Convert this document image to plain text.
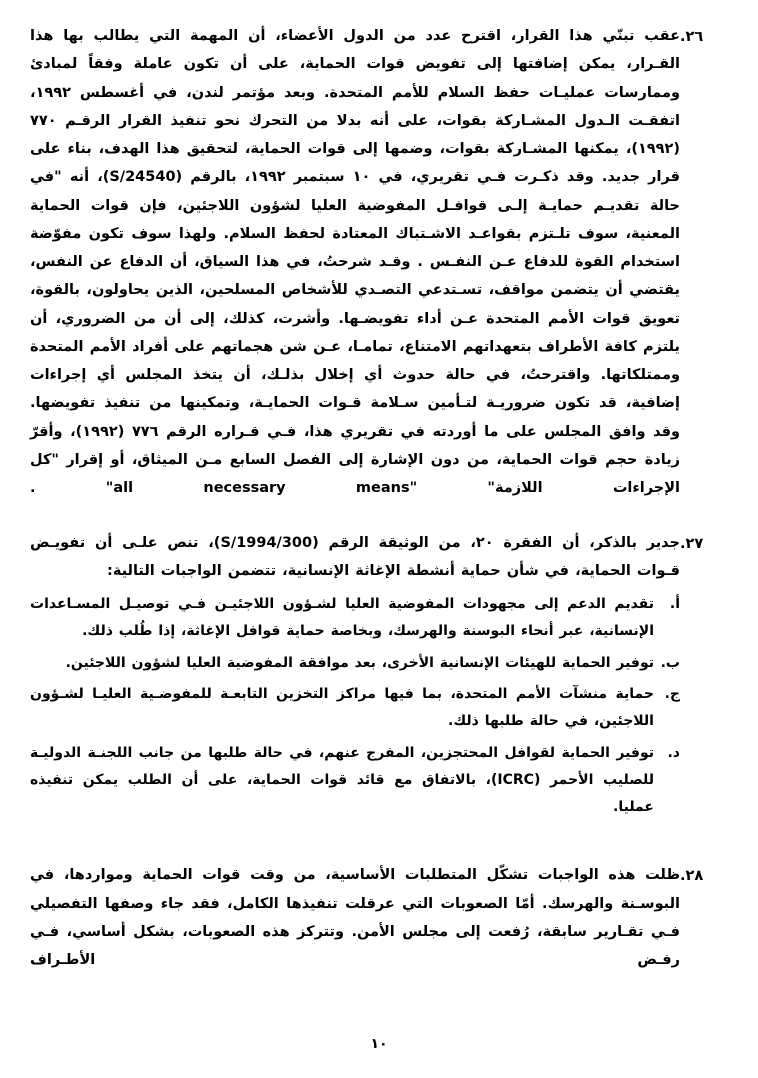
٢٦.
عقب تبنّي هذا القرار، اقترح عدد من الدول الأعضاء، أن المهمة التي يطالب بها هذا القـرار، يمكن إضافتها إلى تفويض قوات الحماية، على أن تكون عاملة وفقاً لمبادئ وممارسات عمليـات حفظ السلام للأمم المتحدة. وبعد مؤتمر لندن، في أغسطس ١٩٩٢، اتفقـت الـدول المشـاركة بقوات، على أنه بدلا من التحرك نحو تنفيذ القرار الرقـم ٧٧٠ (١٩٩٢)، يمكنها المشـاركة بقوات، وضمها إلى قوات الحماية، لتحقيق هذا الهدف، بناء على قرار جديد. وقد ذكـرت فـي تقريري، في ١٠ سبتمبر ١٩٩٢، بالرقم (S/24540)، أنه "في حالة تقديـم حمايـة إلـى قوافـل المفوضية العليا لشؤون اللاجئين، فإن قوات الحماية المعنية، سوف تلـتزم بقواعـد الاشـتباك المعتادة لحفظ السلام. ولهذا سوف تكون مفوّضة استخدام القوة للدفاع عـن النفـس . وقـد شرحتُ، في هذا السياق، أن الدفاع عن النفس، يقتضي أن يتضمن مواقف، تسـتدعي التصـدي للأشخاص المسلحين، الذين يحاولون، بالقوة، تعويق قوات الأمم المتحدة عـن أداء تفويضـها. وأشرت، كذلك، إلى أن من الضروري، أن يلتزم كافة الأطراف بتعهداتهم الامتناع، تمامـا، عـن شن هجماتهم على أفراد الأمم المتحدة وممتلكاتها. واقترحتُ، في حالة حدوث أي إخلال بذلـك، أن يتخذ المجلس أي إجراءات إضافية، قد تكون ضروريـة لتـأمين سـلامة قـوات الحمايـة، وتمكينها من تنفيذ تفويضها. وقد وافق المجلس على ما أوردته في تقريري هذا، فـي قـراره الرقم ٧٧٦ (١٩٩٢)، وأقرّ زيادة حجم قوات الحماية، من دون الإشارة إلى الفصل السابع مـن الميثاق، أو إقرار "كل الإجراءات اللازمة" "all necessary means" .
٢٧.

جدير بالذكر، أن الفقرة ٢٠، من الوثيقة الرقم (S/1994/300)، تنص علـى أن تفويـض قـوات الحماية، في شأن حماية أنشطة الإغاثة الإنسانية، تتضمن الواجبات التالية:

أ.
تقديم الدعم إلى مجهودات المفوضية العليا لشـؤون اللاجئيـن فـي توصيـل المسـاعدات الإنسانية، عبر أنحاء البوسنة والهرسك، وبخاصة حماية قوافل الإغاثة، إذا طُلب ذلك.
ب.
توفير الحماية للهيئات الإنسانية الأخرى، بعد موافقة المفوضية العليا لشؤون اللاجئين.
ج.
حماية منشآت الأمم المتحدة، بما فيها مراكز التخزين التابعـة للمفوضـية العليـا لشـؤون اللاجئين، في حالة طلبها ذلك.
د.
توفير الحماية لقوافل المحتجزين، المفرج عنهم، في حالة طلبها من جانب اللجنـة الدوليـة للصليب الأحمر (ICRC)، بالاتفاق مع قائد قوات الحماية، على أن الطلب يمكن تنفيذه عمليا.
٢٨.
ظلت هذه الواجبات تشكّل المتطلبات الأساسية، من وقت قوات الحماية ومواردها، في البوسـنة والهرسك. أمّا الصعوبات التي عرقلت تنفيذها الكامل، فقد جاء وصفها التفصيلي فـي تقـارير سابقة، رُفعت إلى مجلس الأمن. وتتركز هذه الصعوبات، بشكل أساسي، فـي رفـض الأطـراف
١٠
